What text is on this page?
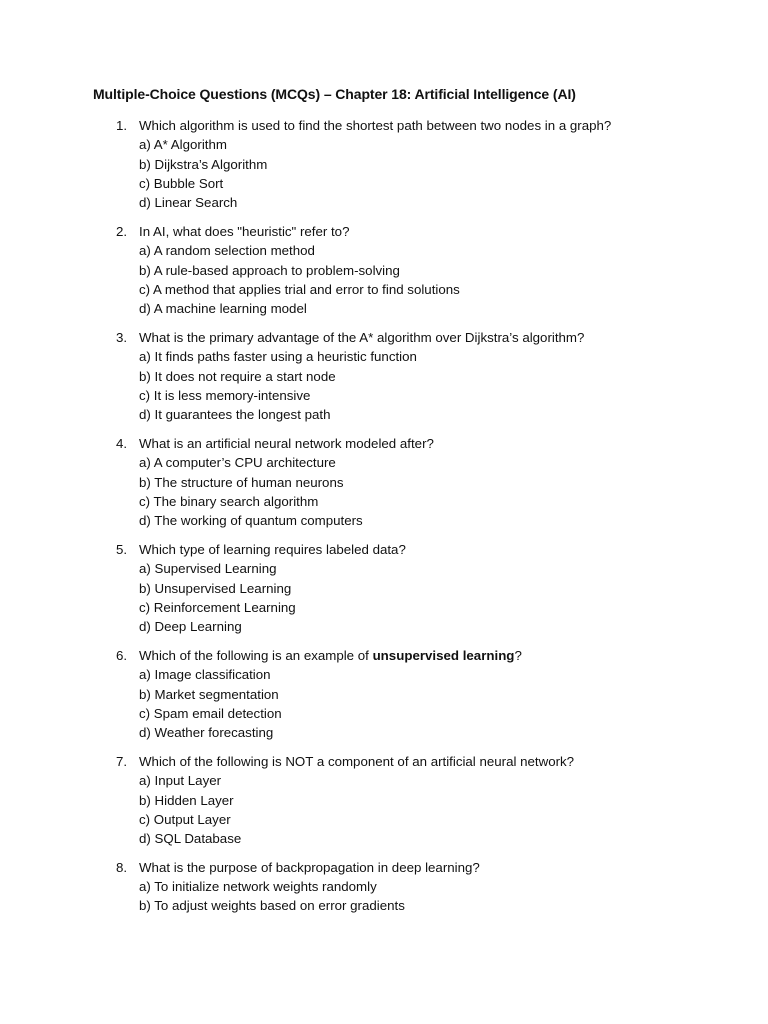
Multiple-Choice Questions (MCQs) – Chapter 18: Artificial Intelligence (AI)
1. Which algorithm is used to find the shortest path between two nodes in a graph?
a) A* Algorithm
b) Dijkstra’s Algorithm
c) Bubble Sort
d) Linear Search
2. In AI, what does "heuristic" refer to?
a) A random selection method
b) A rule-based approach to problem-solving
c) A method that applies trial and error to find solutions
d) A machine learning model
3. What is the primary advantage of the A* algorithm over Dijkstra’s algorithm?
a) It finds paths faster using a heuristic function
b) It does not require a start node
c) It is less memory-intensive
d) It guarantees the longest path
4. What is an artificial neural network modeled after?
a) A computer’s CPU architecture
b) The structure of human neurons
c) The binary search algorithm
d) The working of quantum computers
5. Which type of learning requires labeled data?
a) Supervised Learning
b) Unsupervised Learning
c) Reinforcement Learning
d) Deep Learning
6. Which of the following is an example of unsupervised learning?
a) Image classification
b) Market segmentation
c) Spam email detection
d) Weather forecasting
7. Which of the following is NOT a component of an artificial neural network?
a) Input Layer
b) Hidden Layer
c) Output Layer
d) SQL Database
8. What is the purpose of backpropagation in deep learning?
a) To initialize network weights randomly
b) To adjust weights based on error gradients
